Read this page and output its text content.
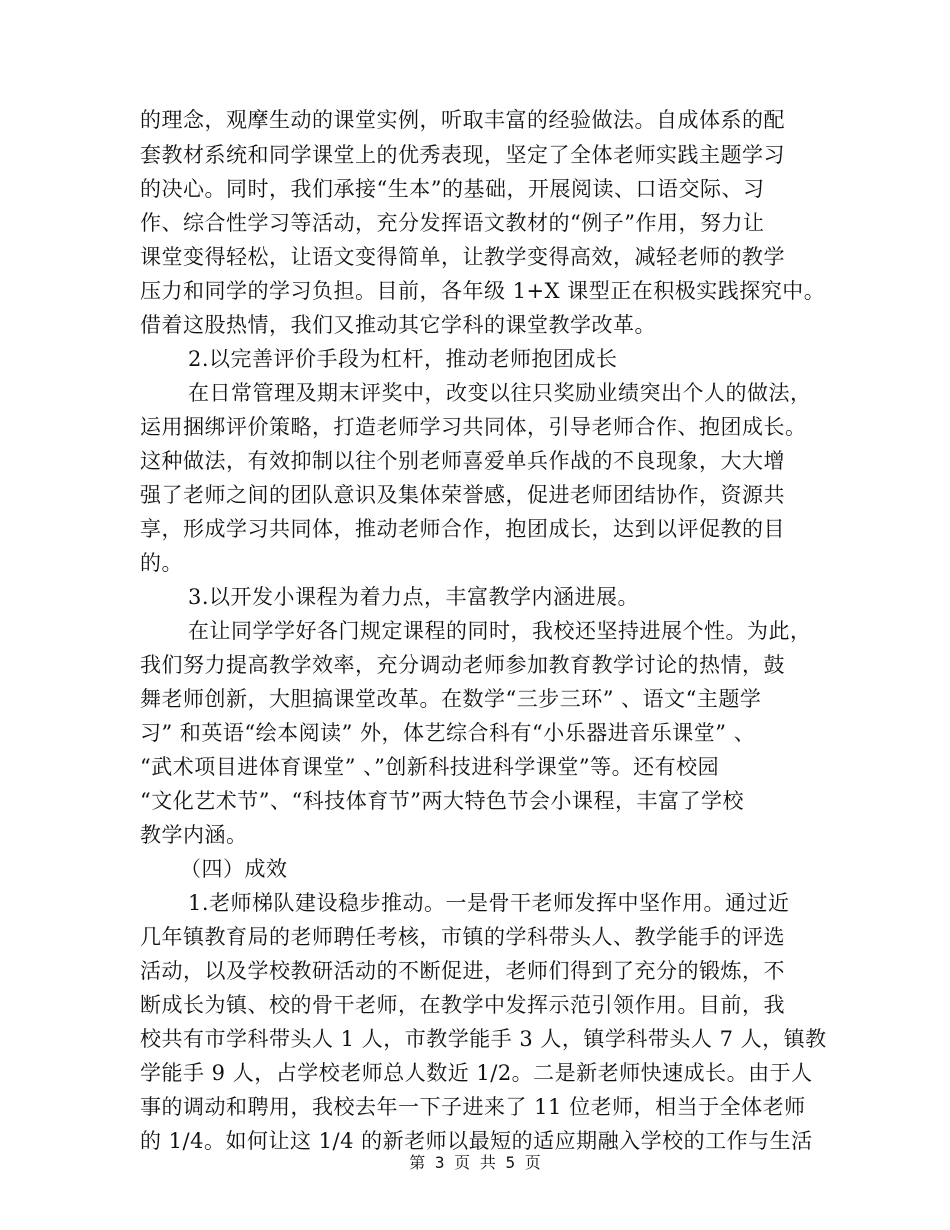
的理念，观摩生动的课堂实例，听取丰富的经验做法。自成体系的配
套教材系统和同学课堂上的优秀表现，坚定了全体老师实践主题学习
的决心。同时，我们承接“生本”的基础，开展阅读、口语交际、习
作、综合性学习等活动，充分发挥语文教材的“例子”作用，努力让
课堂变得轻松，让语文变得简单，让教学变得高效，减轻老师的教学
压力和同学的学习负担。目前，各年级 1+X 课型正在积极实践探究中。
借着这股热情，我们又推动其它学科的课堂教学改革。
2.以完善评价手段为杠杆，推动老师抱团成长
在日常管理及期末评奖中，改变以往只奖励业绩突出个人的做法，
运用捆绑评价策略，打造老师学习共同体，引导老师合作、抱团成长。
这种做法，有效抑制以往个别老师喜爱单兵作战的不良现象，大大增
强了老师之间的团队意识及集体荣誉感，促进老师团结协作，资源共
享，形成学习共同体，推动老师合作，抱团成长，达到以评促教的目
的。
3.以开发小课程为着力点，丰富教学内涵进展。
在让同学学好各门规定课程的同时，我校还坚持进展个性。为此，
我们努力提高教学效率，充分调动老师参加教育教学讨论的热情，鼓
舞老师创新，大胆搞课堂改革。在数学“三步三环” 、语文“主题学
习” 和英语“绘本阅读” 外，体艺综合科有“小乐器进音乐课堂” 、
“武术项目进体育课堂” 、”创新科技进科学课堂”等。还有校园
“文化艺术节”、“科技体育节”两大特色节会小课程，丰富了学校
教学内涵。
（四）成效
1.老师梯队建设稳步推动。一是骨干老师发挥中坚作用。通过近
几年镇教育局的老师聘任考核，市镇的学科带头人、教学能手的评选
活动，以及学校教研活动的不断促进，老师们得到了充分的锻炼，不
断成长为镇、校的骨干老师，在教学中发挥示范引领作用。目前，我
校共有市学科带头人 1 人，市教学能手 3 人，镇学科带头人 7 人，镇教
学能手 9 人，占学校老师总人数近 1/2。二是新老师快速成长。由于人
事的调动和聘用，我校去年一下子进来了 11 位老师，相当于全体老师
的 1/4。如何让这 1/4 的新老师以最短的适应期融入学校的工作与生活
第 3 页 共 5 页
